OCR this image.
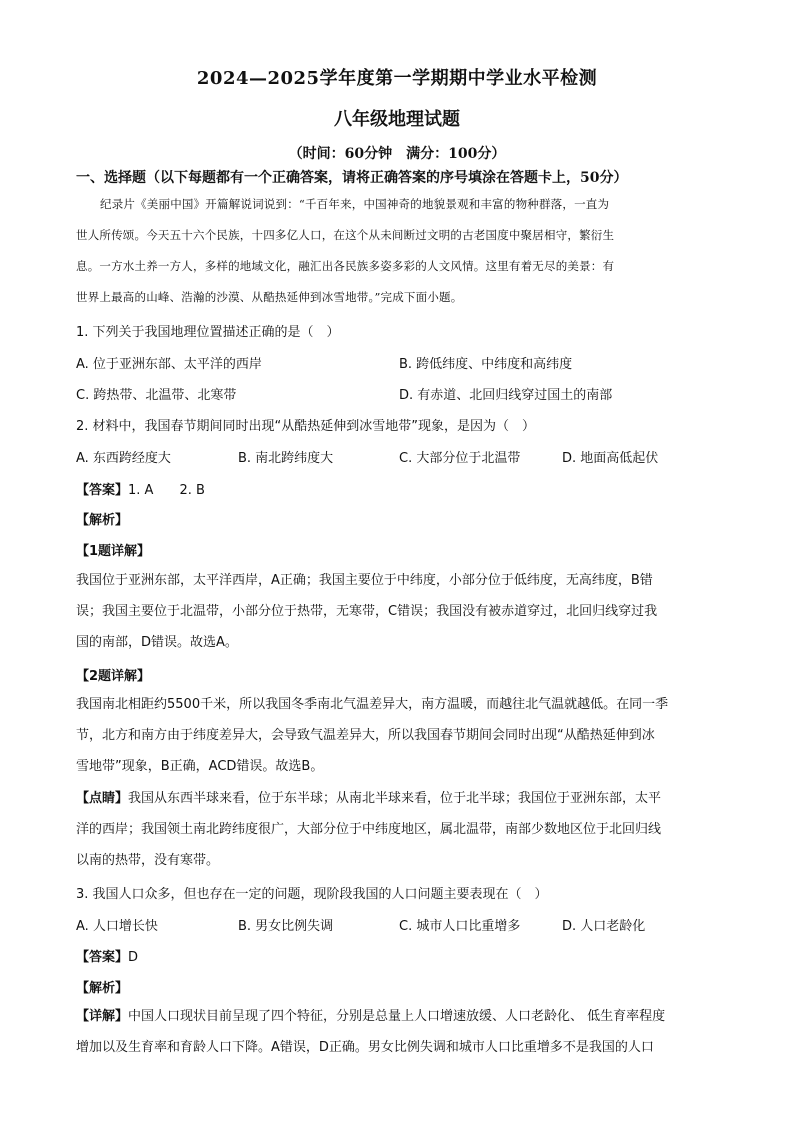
2024—2025学年度第一学期期中学业水平检测
八年级地理试题
（时间：60分钟　满分：100分）
一、选择题（以下每题都有一个正确答案，请将正确答案的序号填涂在答题卡上，50分）
纪录片《美丽中国》开篇解说词说到：“千百年来，中国神奇的地貌景观和丰富的物种群落，一直为
世人所传颂。今天五十六个民族，十四多亿人口，在这个从未间断过文明的古老国度中聚居相守，繁衍生
息。一方水土养一方人，多样的地域文化，融汇出各民族多姿多彩的人文风情。这里有着无尽的美景：有
世界上最高的山峰、浩瀚的沙漠、从酷热延伸到冰雪地带。”完成下面小题。
1. 下列关于我国地理位置描述正确的是（　）
A. 位于亚洲东部、太平洋的西岸	B. 跨低纬度、中纬度和高纬度
C. 跨热带、北温带、北寒带	D. 有赤道、北回归线穿过国土的南部
2. 材料中，我国春节期间同时出现“从酷热延伸到冰雪地带”现象，是因为（　）
A. 东西跨经度大	B. 南北跨纬度大	C. 大部分位于北温带	D. 地面高低起伏
【答案】1. A　　2. B
【解析】
【1题详解】
我国位于亚洲东部，太平洋西岸，A正确；我国主要位于中纬度，小部分位于低纬度，无高纬度，B错
误；我国主要位于北温带，小部分位于热带，无寒带，C错误；我国没有被赤道穿过，北回归线穿过我
国的南部，D错误。故选A。
【2题详解】
我国南北相距约5500千米，所以我国冬季南北气温差异大，南方温暖，而越往北气温就越低。在同一季
节，北方和南方由于纬度差异大，会导致气温差异大，所以我国春节期间会同时出现“从酷热延伸到冰
雪地带”现象，B正确，ACD错误。故选B。
【点睛】我国从东西半球来看，位于东半球；从南北半球来看，位于北半球；我国位于亚洲东部，太平
洋的西岸；我国领土南北跨纬度很广，大部分位于中纬度地区，属北温带，南部少数地区位于北回归线
以南的热带，没有寒带。
3. 我国人口众多，但也存在一定的问题，现阶段我国的人口问题主要表现在（　）
A. 人口增长快	B. 男女比例失调	C. 城市人口比重增多	D. 人口老龄化
【答案】D
【解析】
【详解】中国人口现状目前呈现了四个特征，分别是总量上人口增速放缓、人口老龄化、 低生育率程度
增加以及生育率和育龄人口下降。A错误，D正确。男女比例失调和城市人口比重增多不是我国的人口
